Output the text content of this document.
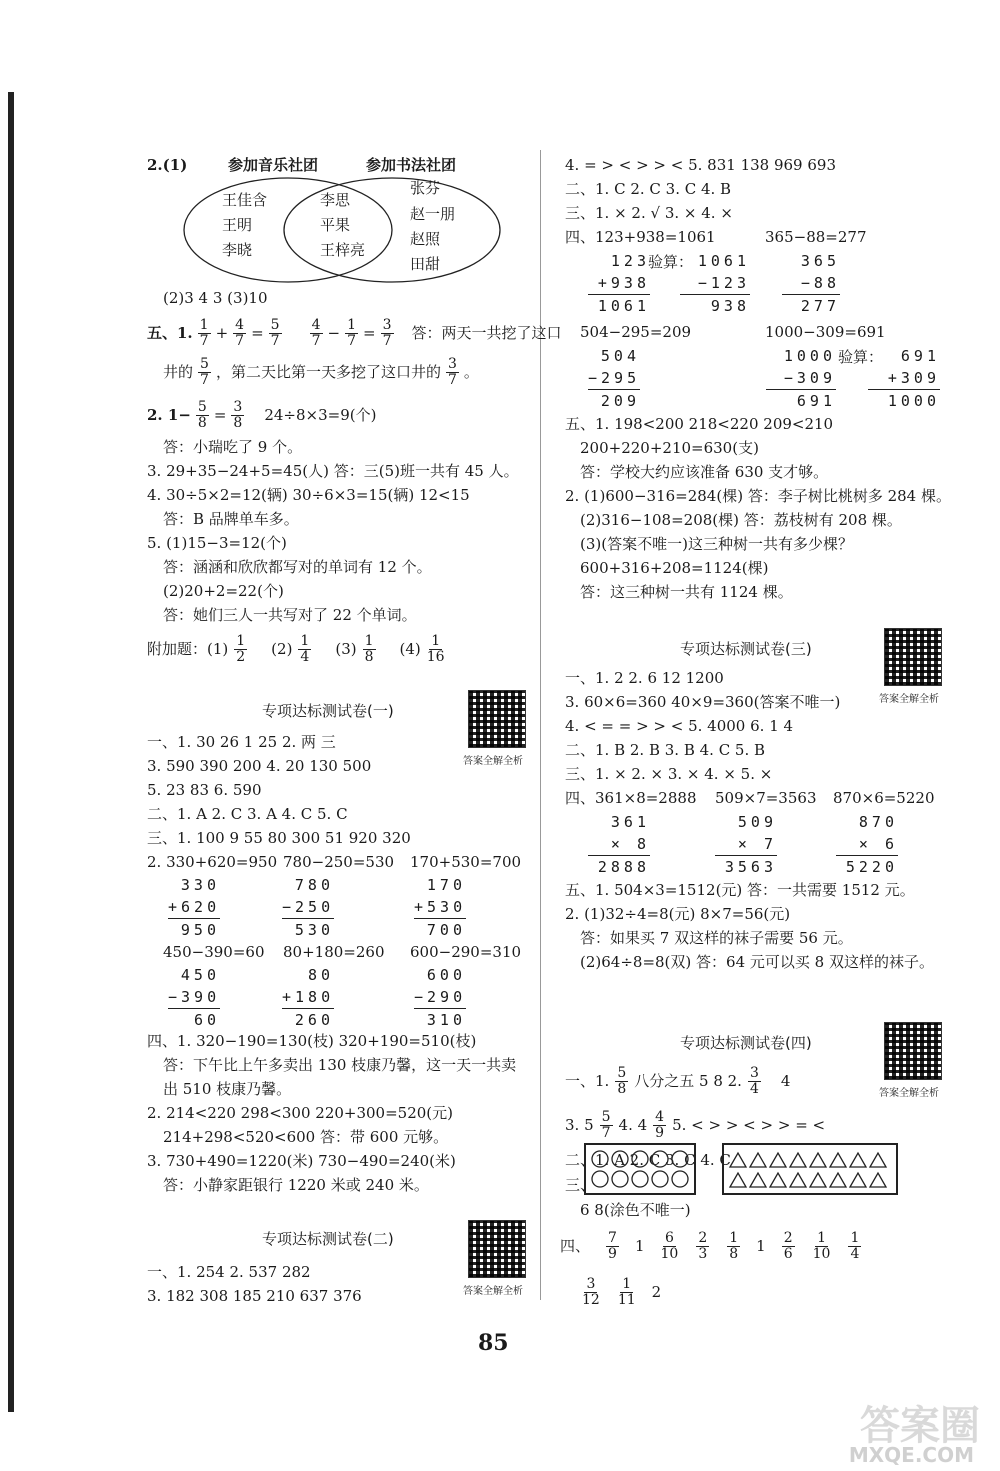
2.(1)	参加音乐社团	参加书法社团
王佳含
王明
李晓
李思
平果
王梓亮
张芬
赵一朋
赵照
田甜
(2)3 4 3 (3)10
五、1. $\frac{1}{7} + \frac{4}{7} = \frac{5}{7} \frac{4}{7} - \frac{1}{7} = \frac{3}{7}$ 答：两天一共挖了这口
井的 $\frac{5}{7}$ ，第二天比第一天多挖了这口井的 $\frac{3}{7}$ 。
2. $1- \frac{5}{8} = \frac{3}{8} 24\div 8\times 3=9$(个)
答：小瑞吃了 9 个。
3. 29+35−24+5=45(人) 答：三(5)班一共有 45 人。
4. 30÷5×2=12(辆) 30÷6×3=15(辆) 12<15
答：B 品牌单车多。
5. (1)15−3=12(个)
答：涵涵和欣欣都写对的单词有 12 个。
(2)20+2=22(个)
答：她们三人一共写对了 22 个单词。
附加题：$(1) \frac{1}{2} (2) \frac{1}{4} (3) \frac{1}{8} (4) \frac{1}{16}$
专项达标测试卷(一)
答案全解全析
一、1. 30 26 1 25 2. 两 三
3. 590 390 200 4. 20 130 500
5. 23 83 6. 590
二、1. A 2. C 3. A 4. C 5. C
三、1. 100 9 55 80 300 51 920 320
2. 330+620=950 780−250=530 170+530=700
330
+620
950
780
−250
530
170
+530
700
450−390=60 80+180=260 600−290=310
450
−390
60
80
+180
260
600
−290
310
四、1. 320−190=130(枝) 320+190=510(枝)
答：下午比上午多卖出 130 枝康乃馨，这一天一共卖
出 510 枝康乃馨。
2. 214<220 298<300 220+300=520(元)
214+298<520<600 答：带 600 元够。
3. 730+490=1220(米) 730−490=240(米)
答：小静家距银行 1220 米或 240 米。
专项达标测试卷(二)
答案全解全析
一、1. 254 2. 537 282
3. 182 308 185 210 637 376
4. = > < > > < 5. 831 138 969 693
二、1. C 2. C 3. C 4. B
三、1. × 2. √ 3. × 4. ×
四、123+938=1061	365−88=277
123
+938
1061
验算： 1061
−123
938
365
−88
277
504−295=209	1000−309=691
504
−295
209
1000
−309
691
验算：	691
+309
1000
五、1. 198<200 218<220 209<210
200+220+210=630(支)
答：学校大约应该准备 630 支才够。
2. (1)600−316=284(棵) 答：李子树比桃树多 284 棵。
(2)316−108=208(棵) 答：荔枝树有 208 棵。
(3)(答案不唯一)这三种树一共有多少棵？
600+316+208=1124(棵)
答：这三种树一共有 1124 棵。
专项达标测试卷(三)
答案全解全析
一、1. 2 2. 6 12 1200
3. 60×6=360 40×9=360(答案不唯一)
4. < = = > > < 5. 4000 6. 1 4
二、1. B 2. B 3. B 4. C 5. B
三、1. × 2. × 3. × 4. × 5. ×
四、361×8=2888 509×7=3563 870×6=5220
361
× 8
2888
509
× 7
3563
870
× 6
5220
五、1. 504×3=1512(元) 答：一共需要 1512 元。
2. (1)32÷4=8(元) 8×7=56(元)
答：如果买 7 双这样的袜子需要 56 元。
(2)64÷8=8(双) 答：64 元可以买 8 双这样的袜子。
专项达标测试卷(四)
答案全解全析
一、1. $\frac{5}{8}$ 八分之五 5 8 2. $\frac{3}{4} 4$
3. $5 \frac{5}{7} 4$. $4 \frac{4}{9} 5$. < > > < > > = <
二、1. A 2. C 3. C 4. C
三、
6 8(涂色不唯一)
四、 $\frac{7}{9} 1 \frac{6}{10} \frac{2}{3} \frac{1}{8} 1 \frac{2}{6} \frac{1}{10} \frac{1}{4}$
$\frac{3}{12} \frac{1}{11} 2$
85
答案圈
MXQE.COM
